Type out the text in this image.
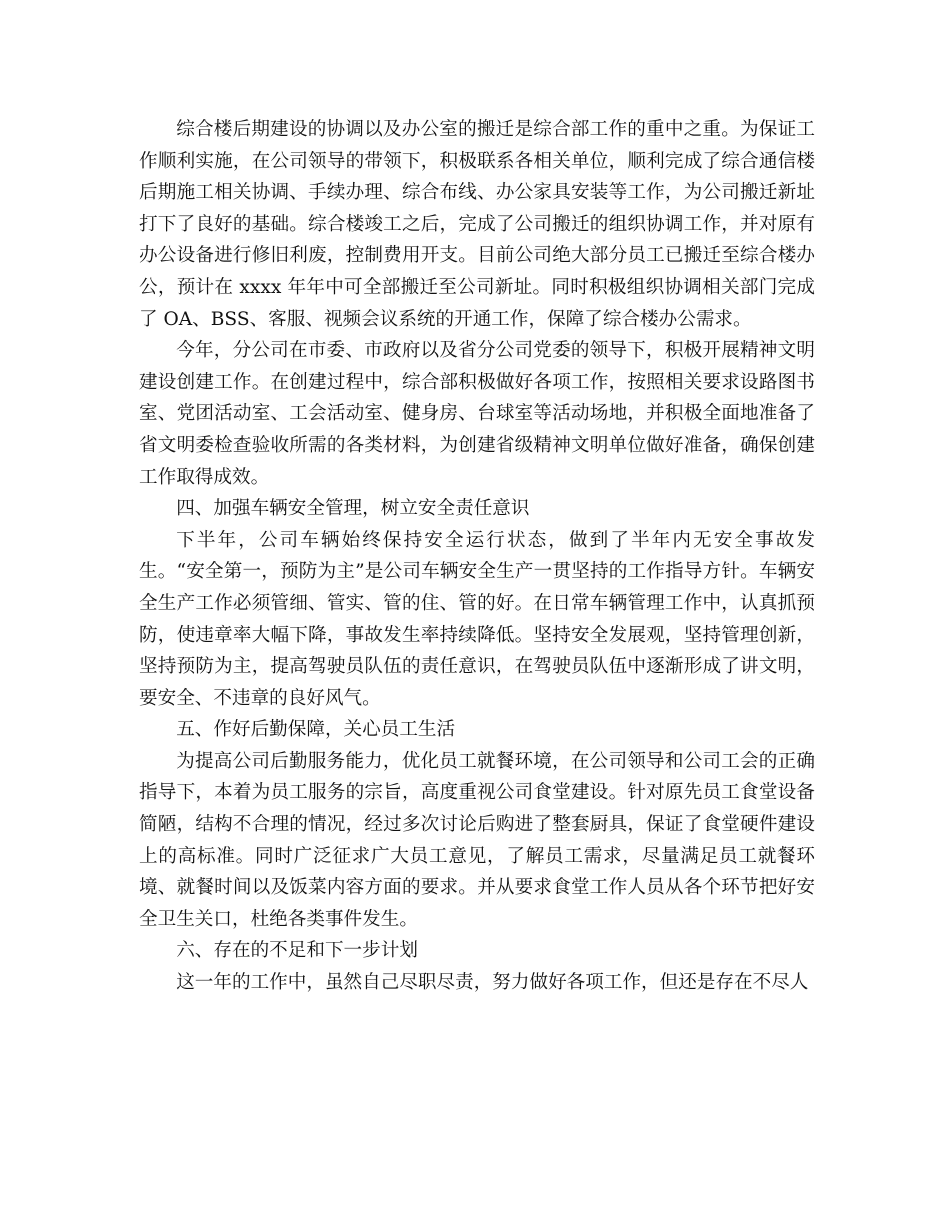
综合楼后期建设的协调以及办公室的搬迁是综合部工作的重中之重。为保证工作顺利实施，在公司领导的带领下，积极联系各相关单位，顺利完成了综合通信楼后期施工相关协调、手续办理、综合布线、办公家具安装等工作，为公司搬迁新址打下了良好的基础。综合楼竣工之后，完成了公司搬迁的组织协调工作，并对原有办公设备进行修旧利废，控制费用开支。目前公司绝大部分员工已搬迁至综合楼办公，预计在 xxxx 年年中可全部搬迁至公司新址。同时积极组织协调相关部门完成了 OA、BSS、客服、视频会议系统的开通工作，保障了综合楼办公需求。

今年，分公司在市委、市政府以及省分公司党委的领导下，积极开展精神文明建设创建工作。在创建过程中，综合部积极做好各项工作，按照相关要求设路图书室、党团活动室、工会活动室、健身房、台球室等活动场地，并积极全面地准备了省文明委检查验收所需的各类材料，为创建省级精神文明单位做好准备，确保创建工作取得成效。

四、加强车辆安全管理，树立安全责任意识

下半年，公司车辆始终保持安全运行状态，做到了半年内无安全事故发生。“安全第一，预防为主”是公司车辆安全生产一贯坚持的工作指导方针。车辆安全生产工作必须管细、管实、管的住、管的好。在日常车辆管理工作中，认真抓预防，使违章率大幅下降，事故发生率持续降低。坚持安全发展观，坚持管理创新，坚持预防为主，提高驾驶员队伍的责任意识，在驾驶员队伍中逐渐形成了讲文明，要安全、不违章的良好风气。

五、作好后勤保障，关心员工生活

为提高公司后勤服务能力，优化员工就餐环境，在公司领导和公司工会的正确指导下，本着为员工服务的宗旨，高度重视公司食堂建设。针对原先员工食堂设备简陋，结构不合理的情况，经过多次讨论后购进了整套厨具，保证了食堂硬件建设上的高标准。同时广泛征求广大员工意见，了解员工需求，尽量满足员工就餐环境、就餐时间以及饭菜内容方面的要求。并从要求食堂工作人员从各个环节把好安全卫生关口，杜绝各类事件发生。

六、存在的不足和下一步计划

这一年的工作中，虽然自己尽职尽责，努力做好各项工作，但还是存在不尽人
